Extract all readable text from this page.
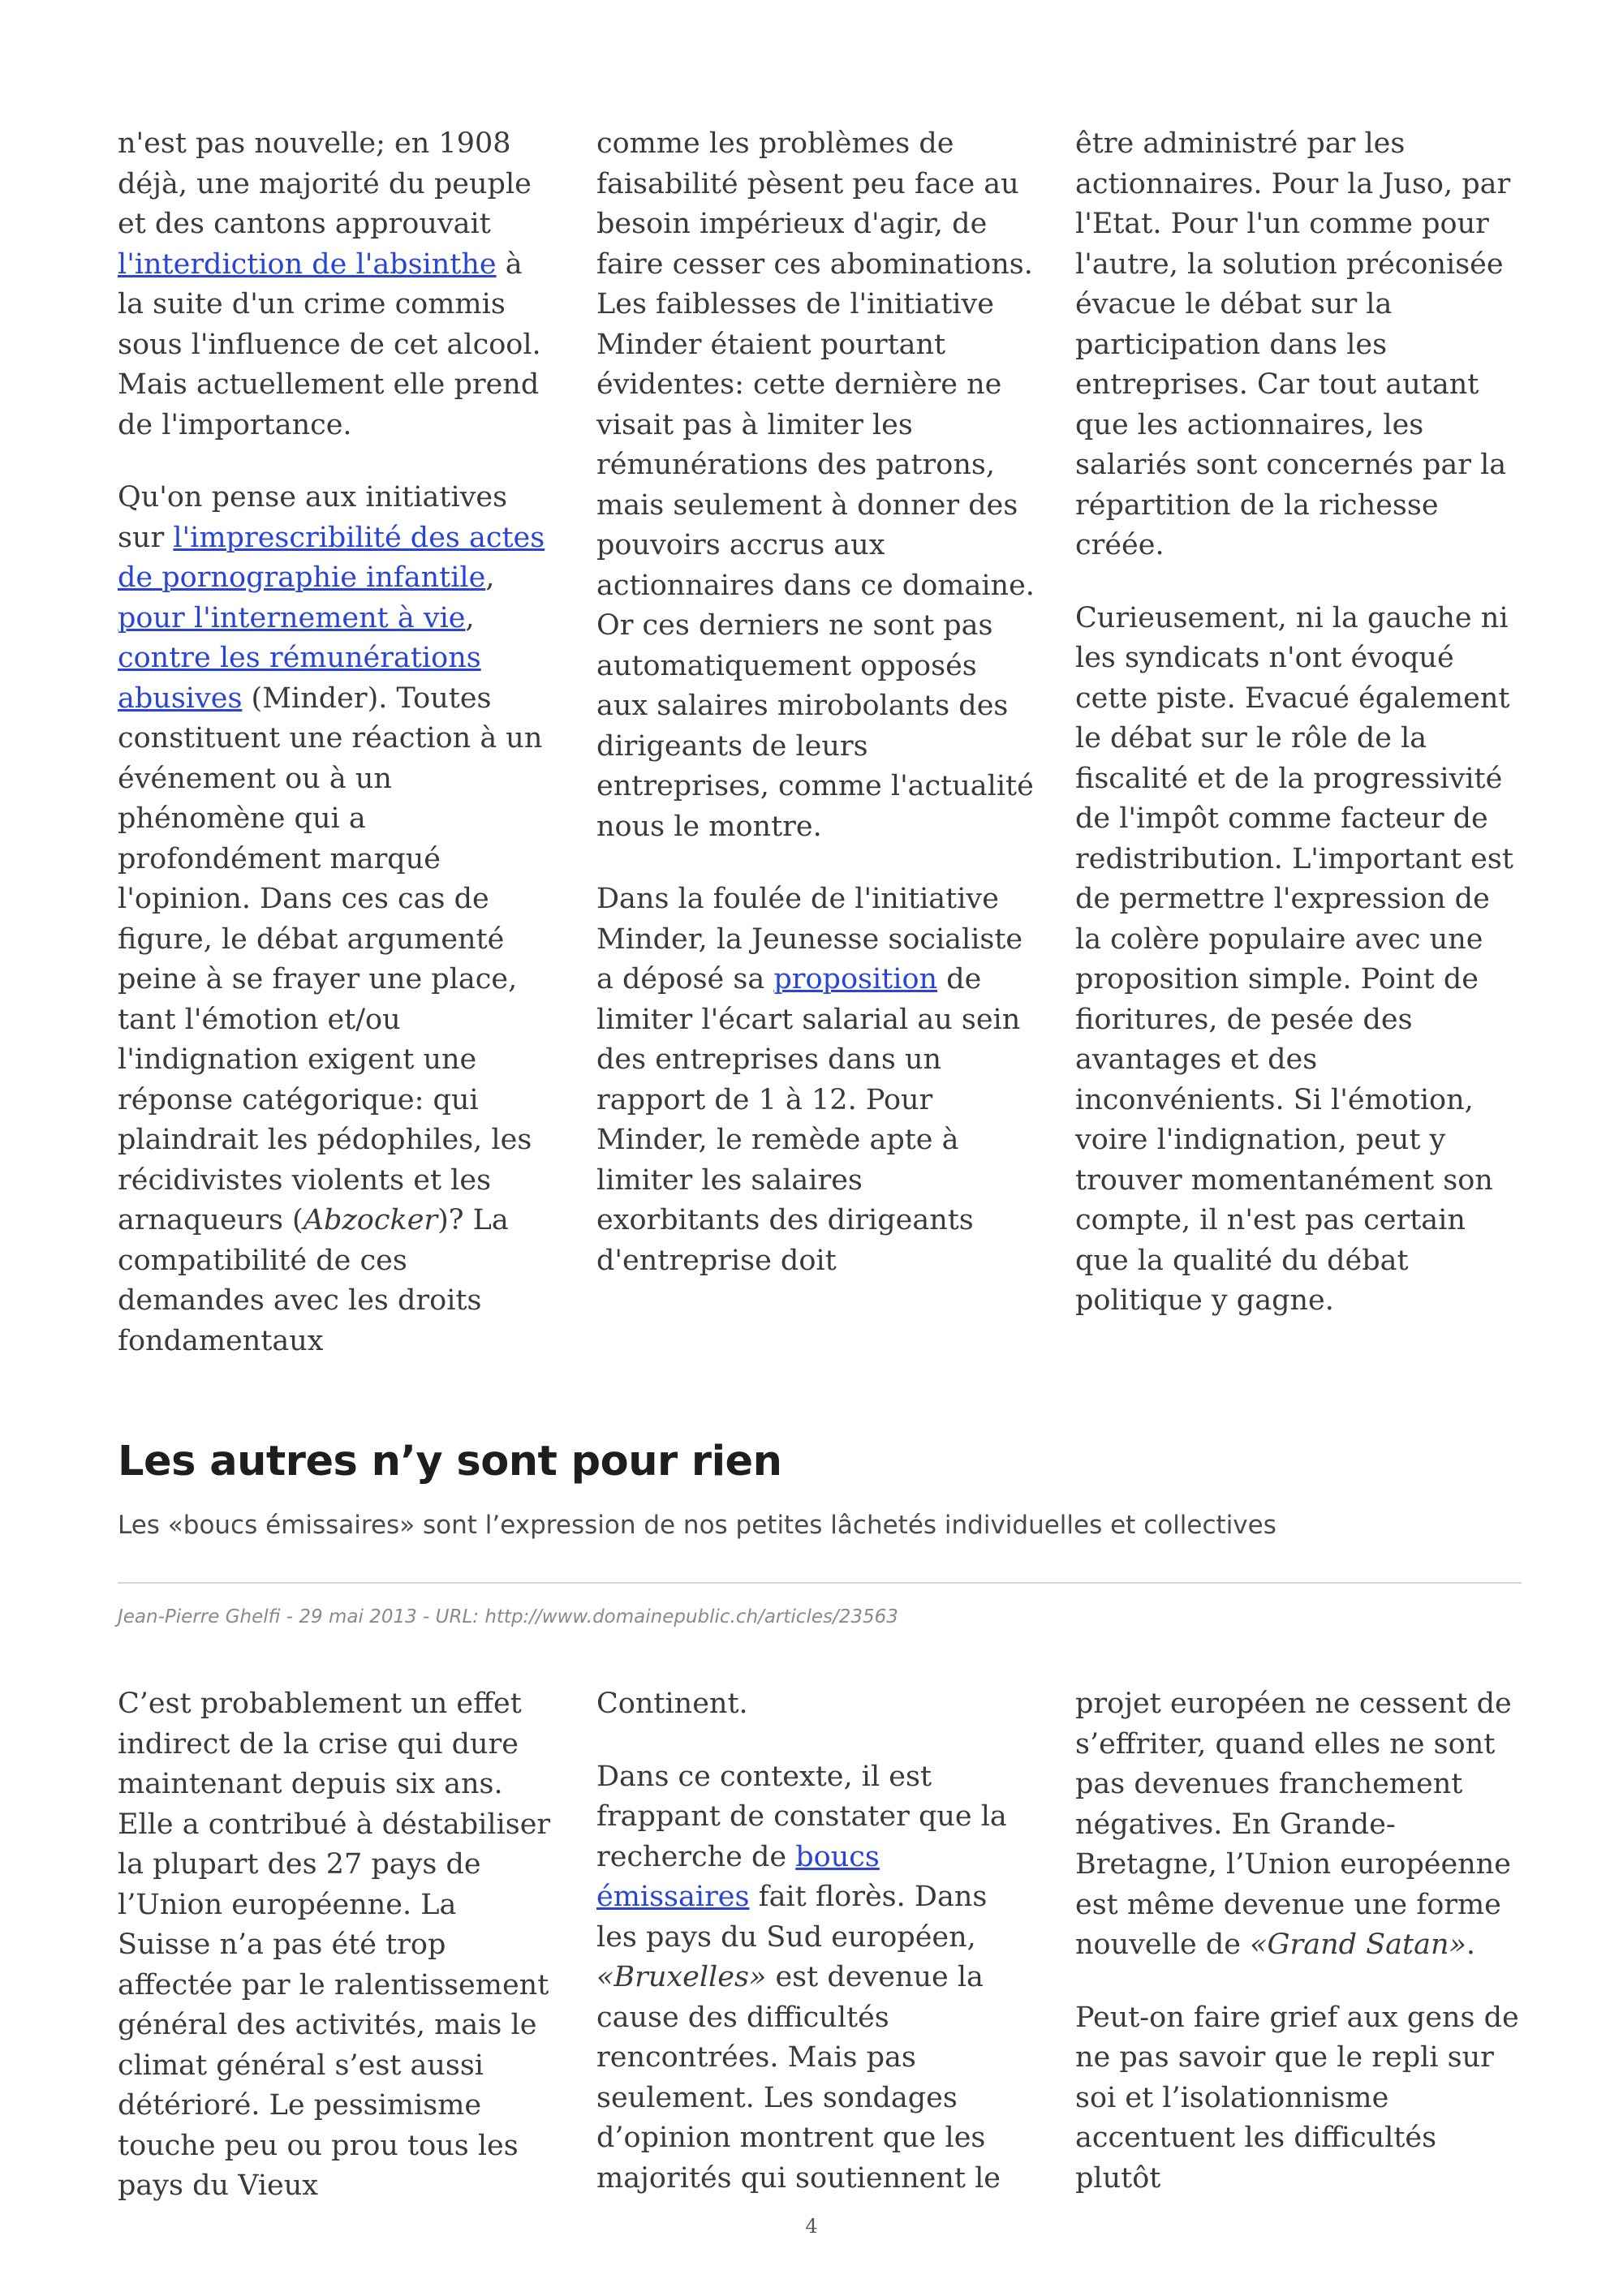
n'est pas nouvelle; en 1908 déjà, une majorité du peuple et des cantons approuvait l'interdiction de l'absinthe à la suite d'un crime commis sous l'influence de cet alcool. Mais actuellement elle prend de l'importance.

Qu'on pense aux initiatives sur l'imprescribilité des actes de pornographie infantile, pour l'internement à vie, contre les rémunérations abusives (Minder). Toutes constituent une réaction à un événement ou à un phénomène qui a profondément marqué l'opinion. Dans ces cas de figure, le débat argumenté peine à se frayer une place, tant l'émotion et/ou l'indignation exigent une réponse catégorique: qui plaindrait les pédophiles, les récidivistes violents et les arnaqueurs (Abzocker)? La compatibilité de ces demandes avec les droits fondamentaux

comme les problèmes de faisabilité pèsent peu face au besoin impérieux d'agir, de faire cesser ces abominations. Les faiblesses de l'initiative Minder étaient pourtant évidentes: cette dernière ne visait pas à limiter les rémunérations des patrons, mais seulement à donner des pouvoirs accrus aux actionnaires dans ce domaine. Or ces derniers ne sont pas automatiquement opposés aux salaires mirobolants des dirigeants de leurs entreprises, comme l'actualité nous le montre.

Dans la foulée de l'initiative Minder, la Jeunesse socialiste a déposé sa proposition de limiter l'écart salarial au sein des entreprises dans un rapport de 1 à 12. Pour Minder, le remède apte à limiter les salaires exorbitants des dirigeants d'entreprise doit

être administré par les actionnaires. Pour la Juso, par l'Etat. Pour l'un comme pour l'autre, la solution préconisée évacue le débat sur la participation dans les entreprises. Car tout autant que les actionnaires, les salariés sont concernés par la répartition de la richesse créée.

Curieusement, ni la gauche ni les syndicats n'ont évoqué cette piste. Evacué également le débat sur le rôle de la fiscalité et de la progressivité de l'impôt comme facteur de redistribution. L'important est de permettre l'expression de la colère populaire avec une proposition simple. Point de fioritures, de pesée des avantages et des inconvénients. Si l'émotion, voire l'indignation, peut y trouver momentanément son compte, il n'est pas certain que la qualité du débat politique y gagne.

Les autres n’y sont pour rien

Les «boucs émissaires» sont l’expression de nos petites lâchetés individuelles et collectives

Jean-Pierre Ghelfi - 29 mai 2013 - URL: http://www.domainepublic.ch/articles/23563

C’est probablement un effet indirect de la crise qui dure maintenant depuis six ans. Elle a contribué à déstabiliser la plupart des 27 pays de l’Union européenne. La Suisse n’a pas été trop affectée par le ralentissement général des activités, mais le climat général s’est aussi détérioré. Le pessimisme touche peu ou prou tous les pays du Vieux

Continent.

Dans ce contexte, il est frappant de constater que la recherche de boucs émissaires fait florès. Dans les pays du Sud européen, «Bruxelles» est devenue la cause des difficultés rencontrées. Mais pas seulement. Les sondages d’opinion montrent que les majorités qui soutiennent le

projet européen ne cessent de s’effriter, quand elles ne sont pas devenues franchement négatives. En Grande-Bretagne, l’Union européenne est même devenue une forme nouvelle de «Grand Satan».

Peut-on faire grief aux gens de ne pas savoir que le repli sur soi et l’isolationnisme accentuent les difficultés plutôt

4
